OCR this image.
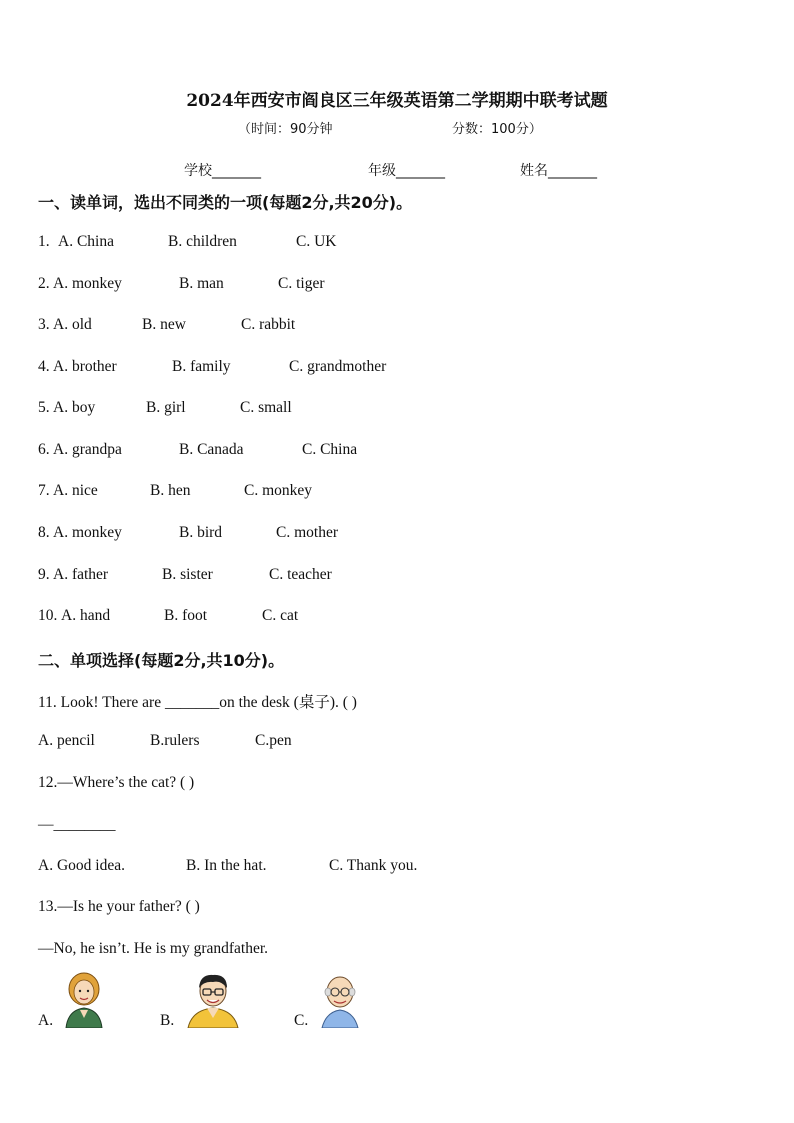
2024年西安市阎良区三年级英语第二学期期中联考试题
（时间：90分钟	分数：100分）
学校_______	年级_______	姓名_______
一、读单词，选出不同类的一项(每题2分,共20分)。
1. A. China	B. children	C. UK
2. A. monkey	B. man	C. tiger
3. A. old	B. new	C. rabbit
4. A. brother	B. family	C. grandmother
5. A. boy	B. girl	C. small
6. A. grandpa	B. Canada	C. China
7. A. nice	B. hen	C. monkey
8. A. monkey	B. bird	C. mother
9. A. father	B. sister	C. teacher
10. A. hand	B. foot	C. cat
二、单项选择(每题2分,共10分)。
11. Look! There are _______on the desk (桌子). ( )
A. pencil	B.rulers	C.pen
12.—Where’s the cat? ( )
—________
A. Good idea.	B. In the hat.	C. Thank you.
13.—Is he your father? ( )
—No, he isn’t. He is my grandfather.
A.	B.	C.
